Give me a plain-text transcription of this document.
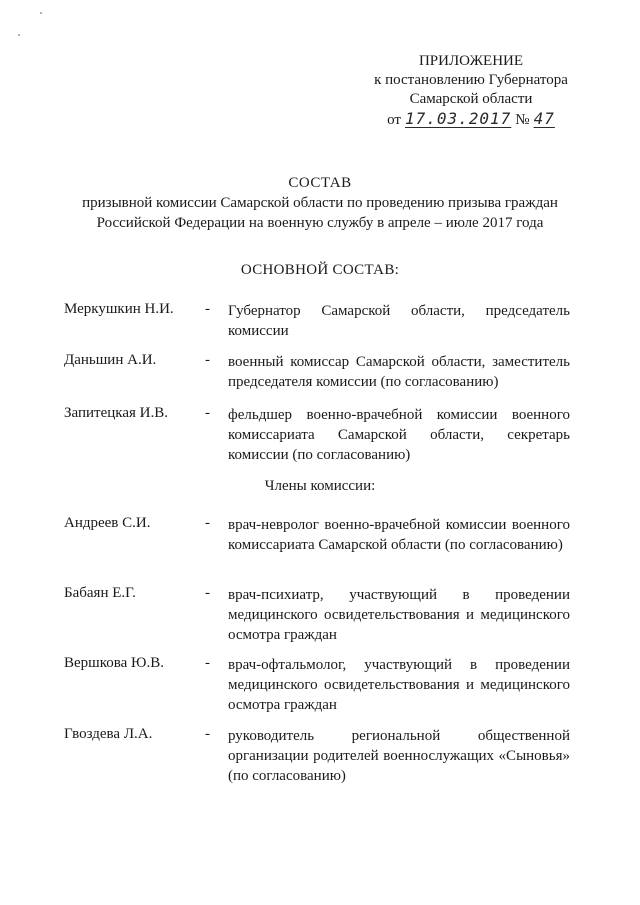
ПРИЛОЖЕНИЕ
к постановлению Губернатора
Самарской области
от 17.03.2017 № 47
СОСТАВ
призывной комиссии Самарской области по проведению призыва граждан
Российской Федерации на военную службу в апреле – июле 2017 года
ОСНОВНОЙ СОСТАВ:
Меркушкин Н.И.	- Губернатор Самарской области, председатель комиссии
Даньшин А.И.	- военный комиссар Самарской области, заместитель председателя комиссии (по согласованию)
Запитецкая И.В.	- фельдшер военно-врачебной комиссии военного комиссариата Самарской области, секретарь комиссии (по согласованию)
Члены комиссии:
Андреев С.И.	- врач-невролог военно-врачебной комиссии военного комиссариата Самарской области (по согласованию)
Бабаян Е.Г.	- врач-психиатр, участвующий в проведении медицинского освидетельствования и медицинского осмотра граждан
Вершкова Ю.В.	- врач-офтальмолог, участвующий в проведении медицинского освидетельствования и медицинского осмотра граждан
Гвоздева Л.А.	- руководитель региональной общественной организации родителей военнослужащих «Сыновья» (по согласованию)
